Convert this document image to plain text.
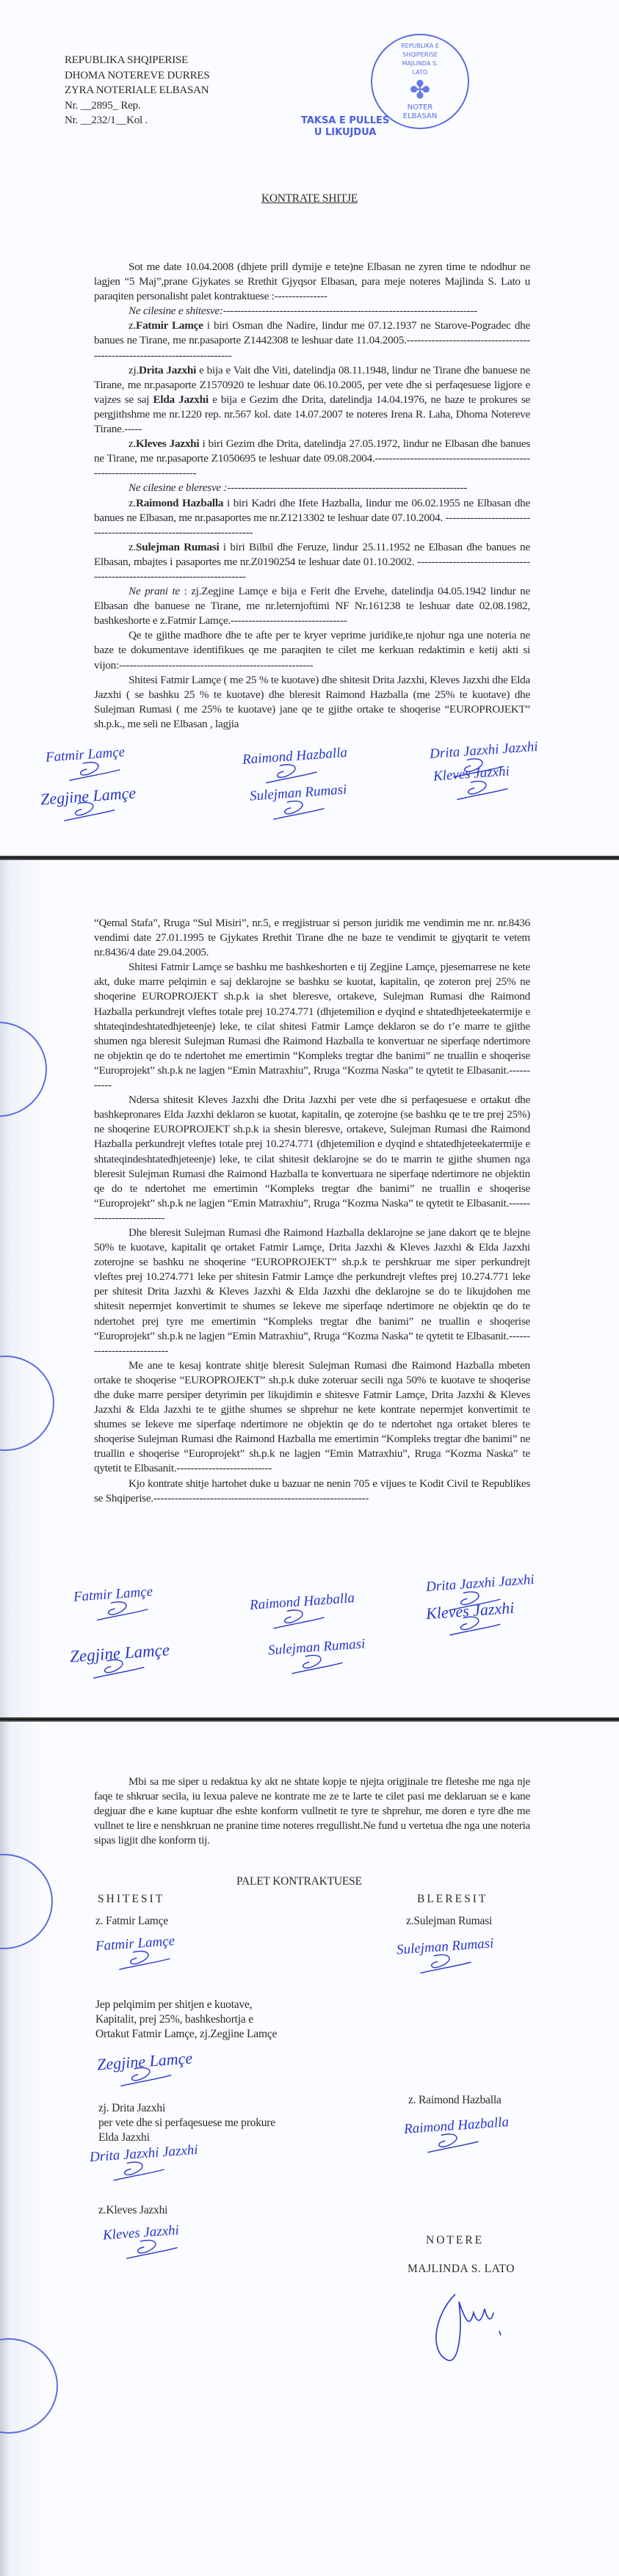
REPUBLIKA SHQIPERISE
DHOMA NOTEREVE DURRES
ZYRA NOTERIALE ELBASAN
Nr. __2895_ Rep.
Nr. __232/1__Kol .
REPUBLIKA E SHQIPERISE
MAJLINDA S. LATO
✤
NOTER
ELBASAN
TAKSA E PULLES
U LIKUJDUA
KONTRATE SHITJE

Sot me date 10.04.2008 (dhjete prill dymije e tete)ne Elbasan ne zyren time te ndodhur ne lagjen “5 Maj”,prane Gjykates se Rrethit Gjyqsor Elbasan, para meje noteres Majlinda S. Lato u paraqiten personalisht palet kontraktuese :---------------

Ne cilesine e shitesve:------------------------------------------------------------------------

z.Fatmir Lamçe i biri Osman dhe Nadire, lindur me 07.12.1937 ne Starove-Pogradec dhe banues ne Tirane, me nr.pasaporte Z1442308 te leshuar date 11.04.2005.--------------------------------------------------------------------------

zj.Drita Jazxhi e bija e Vait dhe Viti, datelindja 08.11.1948, lindur ne Tirane dhe banuese ne Tirane, me nr.pasaporte Z1570920 te leshuar date 06.10.2005, per vete dhe si perfaqesuese ligjore e vajzes se saj Elda Jazxhi e bija e Gezim dhe Drita, datelindja 14.04.1976, ne baze te prokures se pergjithshme me nr.1220 rep. nr.567 kol. date 14.07.2007 te noteres Irena R. Laha, Dhoma Notereve Tirane.-----

z.Kleves Jazxhi i biri Gezim dhe Drita, datelindja 27.05.1972, lindur ne Elbasan dhe banues ne Tirane, me nr.pasaporte Z1050695 te leshuar date 09.08.2004.-------------------------------------------------------------------------

Ne cilesine e bleresve :--------------------------------------------------------------------

z.Raimond Hazballa i biri Kadri dhe Ifete Hazballa, lindur me 06.02.1955 ne Elbasan dhe banues ne Elbasan, me nr.pasaportes me nr.Z1213302 te leshuar date 07.10.2004. ---------------------------------------------------------------------

z.Sulejman Rumasi i biri Bilbil dhe Feruze, lindur 25.11.1952 ne Elbasan dhe banues ne Elbasan, mbajtes i pasaportes me nr.Z0190254 te leshuar date 01.10.2002. ---------------------------------------------------------------------------

Ne prani te : zj.Zegjine Lamçe e bija e Ferit dhe Ervehe, datelindja 04.05.1942 lindur ne Elbasan dhe banuese ne Tirane, me nr.leternjoftimi NF Nr.161238 te leshuar date 02.08.1982, bashkeshorte e z.Fatmir Lamçe.---------------------------------

Qe te gjithe madhore dhe te afte per te kryer veprime juridike,te njohur nga une noteria ne baze te dokumentave identifikues qe me paraqiten te cilet me kerkuan redaktimin e ketij akti si vijon:-------------------------------------------------------

Shitesi Fatmir Lamçe ( me 25 % te kuotave) dhe shitesit Drita Jazxhi, Kleves Jazxhi dhe Elda Jazxhi ( se bashku 25 % te kuotave) dhe bleresit Raimond Hazballa (me 25% te kuotave) dhe Sulejman Rumasi ( me 25% te kuotave) jane qe te gjithe ortake te shoqerise “EUROPROJEKT” sh.p.k., me seli ne Elbasan , lagjia

Fatmir Lamçe	Raimond Hazballa	Drita Jazxhi Jazxhi
Kleves Jazxhi
Zegjine Lamçe	Sulejman Rumasi

“Qemal Stafa”, Rruga “Sul Misiri”, nr.5, e rregjistruar si person juridik me vendimin me nr. nr.8436 vendimi date 27.01.1995 te Gjykates Rrethit Tirane dhe ne baze te vendimit te gjyqtarit te vetem nr.8436/4 date 29.04.2005.

Shitesi Fatmir Lamçe se bashku me bashkeshorten e tij Zegjine Lamçe, pjesemarrese ne kete akt, duke marre pelqimin e saj deklarojne se bashku se kuotat, kapitalin, qe zoteron prej 25% ne shoqerine EUROPROJEKT sh.p.k ia shet bleresve, ortakeve, Sulejman Rumasi dhe Raimond Hazballa perkundrejt vleftes totale prej 10.274.771 (dhjetemilion e dyqind e shtatedhjeteekatermije e shtateqindeshtatedhjeteenje) leke, te cilat shitesi Fatmir Lamçe deklaron se do t’e marre te gjithe shumen nga bleresit Sulejman Rumasi dhe Raimond Hazballa te konvertuar ne siperfaqe ndertimore ne objektin qe do te ndertohet me emertimin “Kompleks tregtar dhe banimi” ne truallin e shoqerise “Europrojekt” sh.p.k ne lagjen “Emin Matraxhiu”, Rruga “Kozma Naska” te qytetit te Elbasanit.-----------

Ndersa shitesit Kleves Jazxhi dhe Drita Jazxhi per vete dhe si perfaqesuese e ortakut dhe bashkepronares Elda Jazxhi deklaron se kuotat, kapitalin, qe zoterojne (se bashku qe te tre prej 25%) ne shoqerine EUROPROJEKT sh.p.k ia shesin bleresve, ortakeve, Sulejman Rumasi dhe Raimond Hazballa perkundrejt vleftes totale prej 10.274.771 (dhjetemilion e dyqind e shtatedhjeteekatermije e shtateqindeshtatedhjeteenje) leke, te cilat shitesit deklarojne se do te marrin te gjithe shumen nga bleresit Sulejman Rumasi dhe Raimond Hazballa te konvertuara ne siperfaqe ndertimore ne objektin qe do te ndertohet me emertimin “Kompleks tregtar dhe banimi” ne truallin e shoqerise “Europrojekt” sh.p.k ne lagjen “Emin Matraxhiu”, Rruga “Kozma Naska” te qytetit te Elbasanit.--------------------------

Dhe bleresit Sulejman Rumasi dhe Raimond Hazballa deklarojne se jane dakort qe te blejne 50% te kuotave, kapitalit qe ortaket Fatmir Lamçe, Drita Jazxhi & Kleves Jazxhi & Elda Jazxhi zoterojne se bashku ne shoqerine “EUROPROJEKT” sh.p.k te pershkruar me siper perkundrejt vleftes prej 10.274.771 leke per shitesin Fatmir Lamçe dhe perkundrejt vleftes prej 10.274.771 leke per shitesit Drita Jazxhi & Kleves Jazxhi & Elda Jazxhi dhe deklarojne se do te likujdohen me shitesit nepermjet konvertimit te shumes se lekeve me siperfaqe ndertimore ne objektin qe do te ndertohet prej tyre me emertimin “Kompleks tregtar dhe banimi” ne truallin e shoqerise “Europrojekt” sh.p.k ne lagjen “Emin Matraxhiu”, Rruga “Kozma Naska” te qytetit te Elbasanit.---------------------------

Me ane te kesaj kontrate shitje bleresit Sulejman Rumasi dhe Raimond Hazballa mbeten ortake te shoqerise “EUROPROJEKT” sh.p.k duke zoteruar secili nga 50% te kuotave te shoqerise dhe duke marre persiper detyrimin per likujdimin e shitesve Fatmir Lamçe, Drita Jazxhi & Kleves Jazxhi & Elda Jazxhi te te gjithe shumes se shprehur ne kete kontrate nepermjet konvertimit te shumes se lekeve me siperfaqe ndertimore ne objektin qe do te ndertohet nga ortaket bleres te shoqerise Sulejman Rumasi dhe Raimond Hazballa me emertimin “Kompleks tregtar dhe banimi” ne truallin e shoqerise “Europrojekt” sh.p.k ne lagjen “Emin Matraxhiu”, Rruga “Kozma Naska” te qytetit te Elbasanit.---------------------------

Kjo kontrate shitje hartohet duke u bazuar ne nenin 705 e vijues te Kodit Civil te Republikes se Shqiperise.-------------------------------------------------------------

Fatmir Lamçe	Raimond Hazballa
Drita Jazxhi Jazxhi
Kleves Jazxhi
Zegjine Lamçe	Sulejman Rumasi

Mbi sa me siper u redaktua ky akt ne shtate kopje te njejta origjinale tre fleteshe me nga nje faqe te shkruar secila, iu lexua paleve ne kontrate me ze te larte te cilet pasi me deklaruan se e kane degjuar dhe e kane kuptuar dhe eshte konform vullnetit te tyre te shprehur, me doren e tyre dhe me vullnet te lire e nenshkruan ne pranine time noteres rregullisht.Ne fund u vertetua dhe nga une noteria sipas ligjit dhe konform tij.

PALET KONTRAKTUESE
SHITESIT	BLERESIT
z. Fatmir Lamçe
Fatmir Lamçe
Jep pelqimim per shitjen e kuotave,
Kapitalit, prej 25%, bashkeshortja e
Ortakut Fatmir Lamçe, zj.Zegjine Lamçe
Zegjine Lamçe
zj. Drita Jazxhi
per vete dhe si perfaqesuese me prokure
Elda Jazxhi
Drita Jazxhi Jazxhi
z.Kleves Jazxhi
Kleves Jazxhi
z.Sulejman Rumasi
Sulejman Rumasi
z. Raimond Hazballa
Raimond Hazballa
NOTERE
MAJLINDA S. LATO
